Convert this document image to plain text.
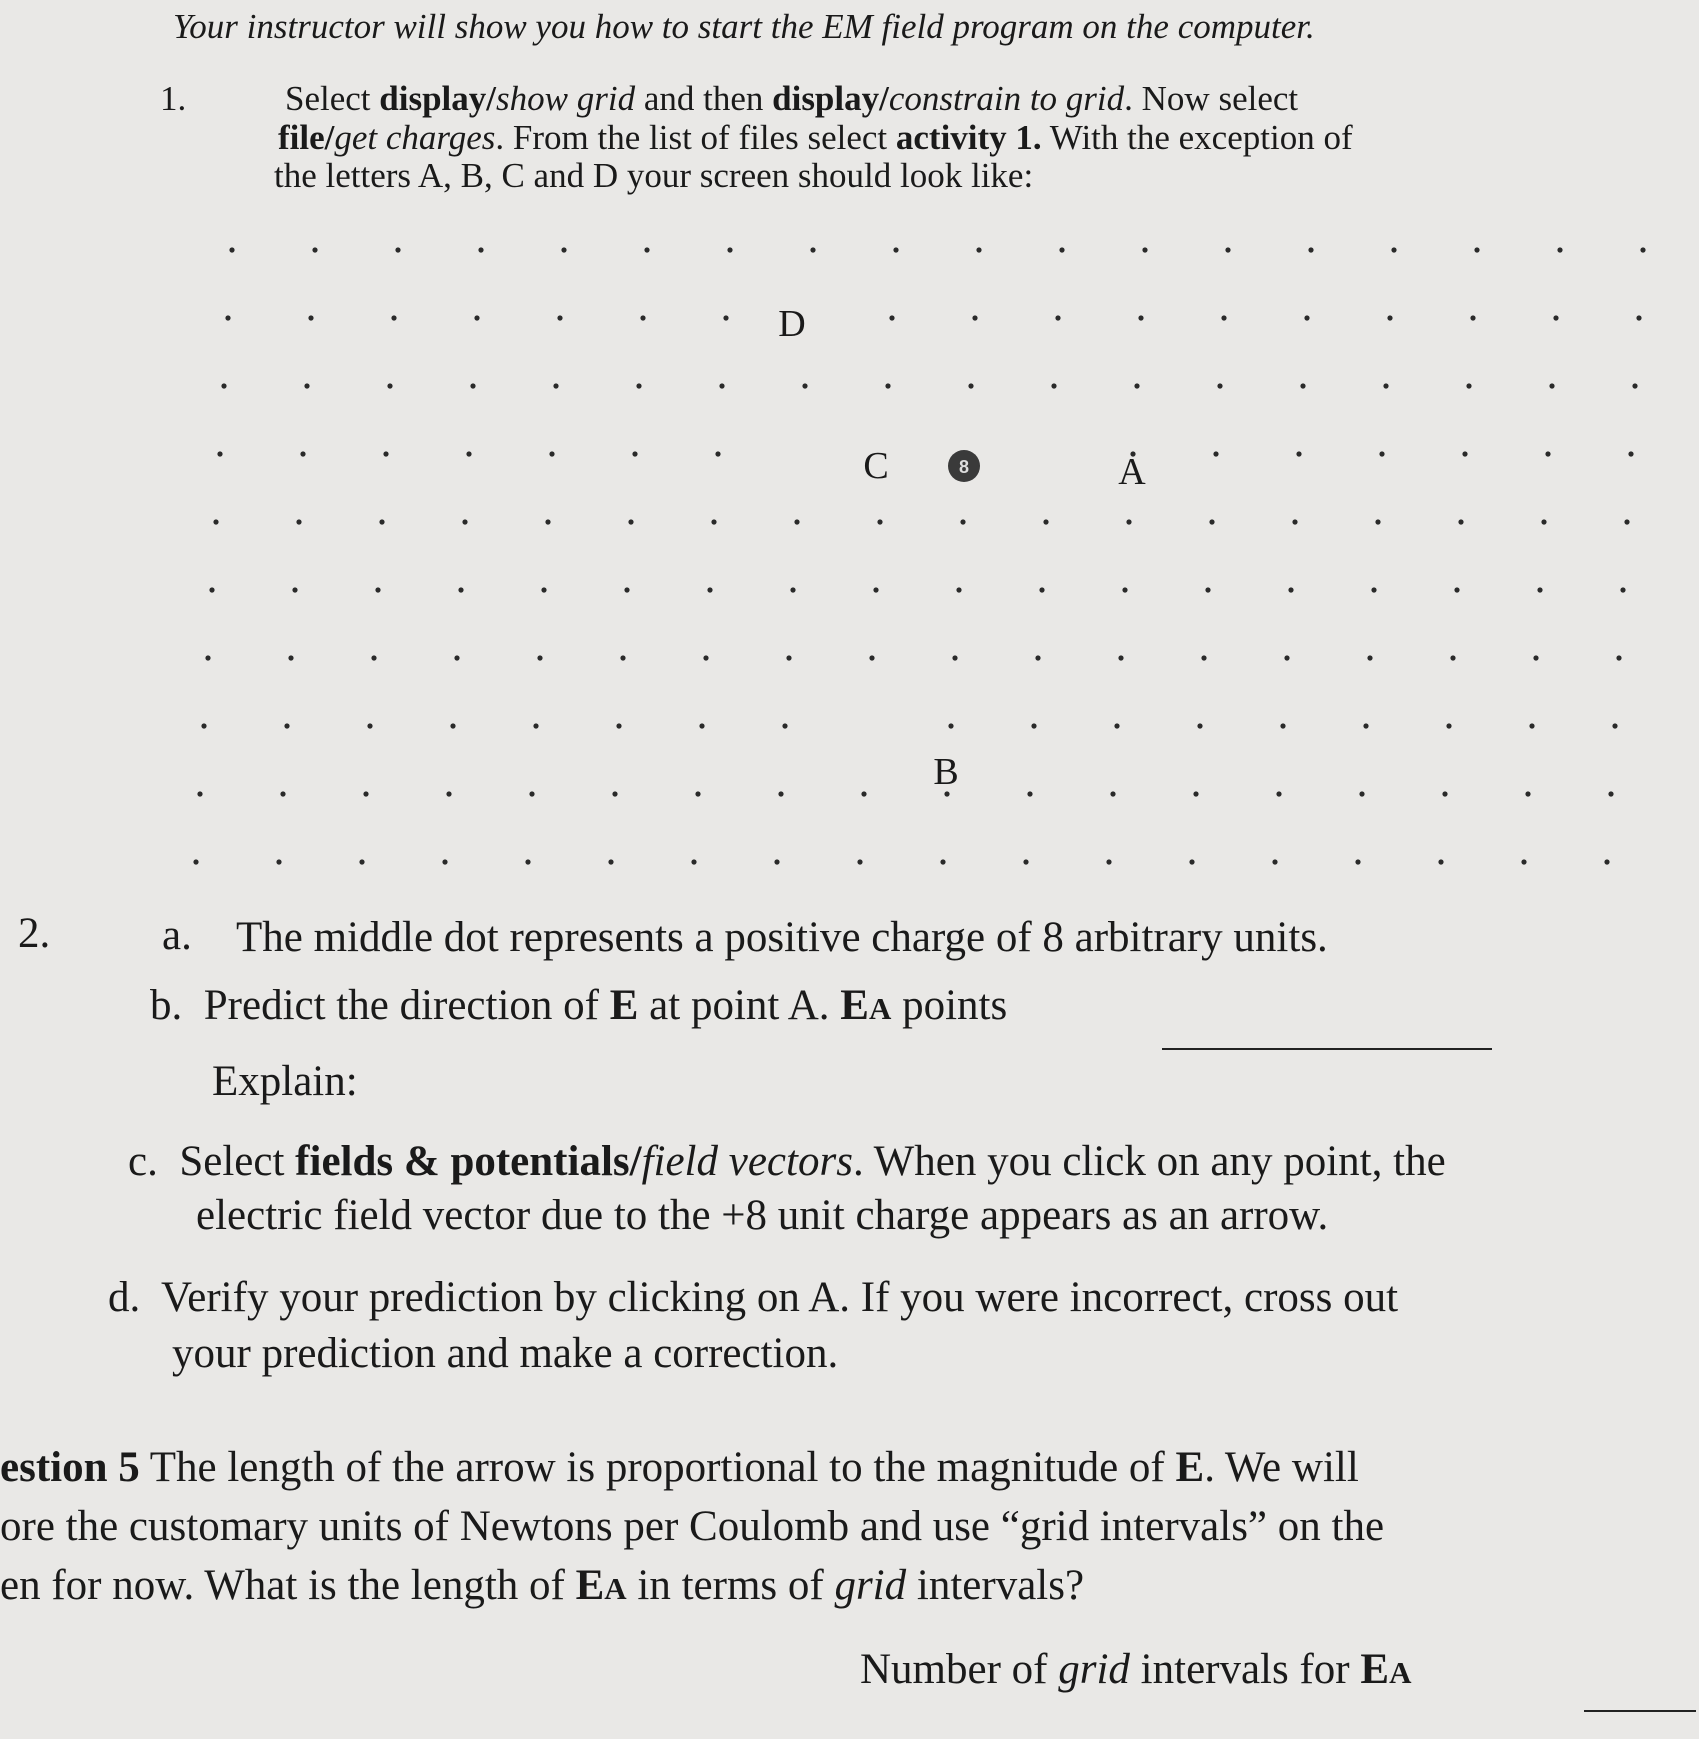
Your instructor will show you how to start the EM field program on the computer.
1.	Select display/show grid and then display/constrain to grid. Now select
file/get charges. From the list of files select activity 1. With the exception of
the letters A, B, C and D your screen should look like:
8
D
C	A
B
2.	a. The middle dot represents a positive charge of 8 arbitrary units.
b. Predict the direction of E at point A. EA points
Explain:
c. Select fields & potentials/field vectors. When you click on any point, the
electric field vector due to the +8 unit charge appears as an arrow.
d. Verify your prediction by clicking on A. If you were incorrect, cross out
your prediction and make a correction.
estion 5 The length of the arrow is proportional to the magnitude of E. We will
ore the customary units of Newtons per Coulomb and use “grid intervals” on the
en for now. What is the length of EA in terms of grid intervals?
Number of grid intervals for EA
